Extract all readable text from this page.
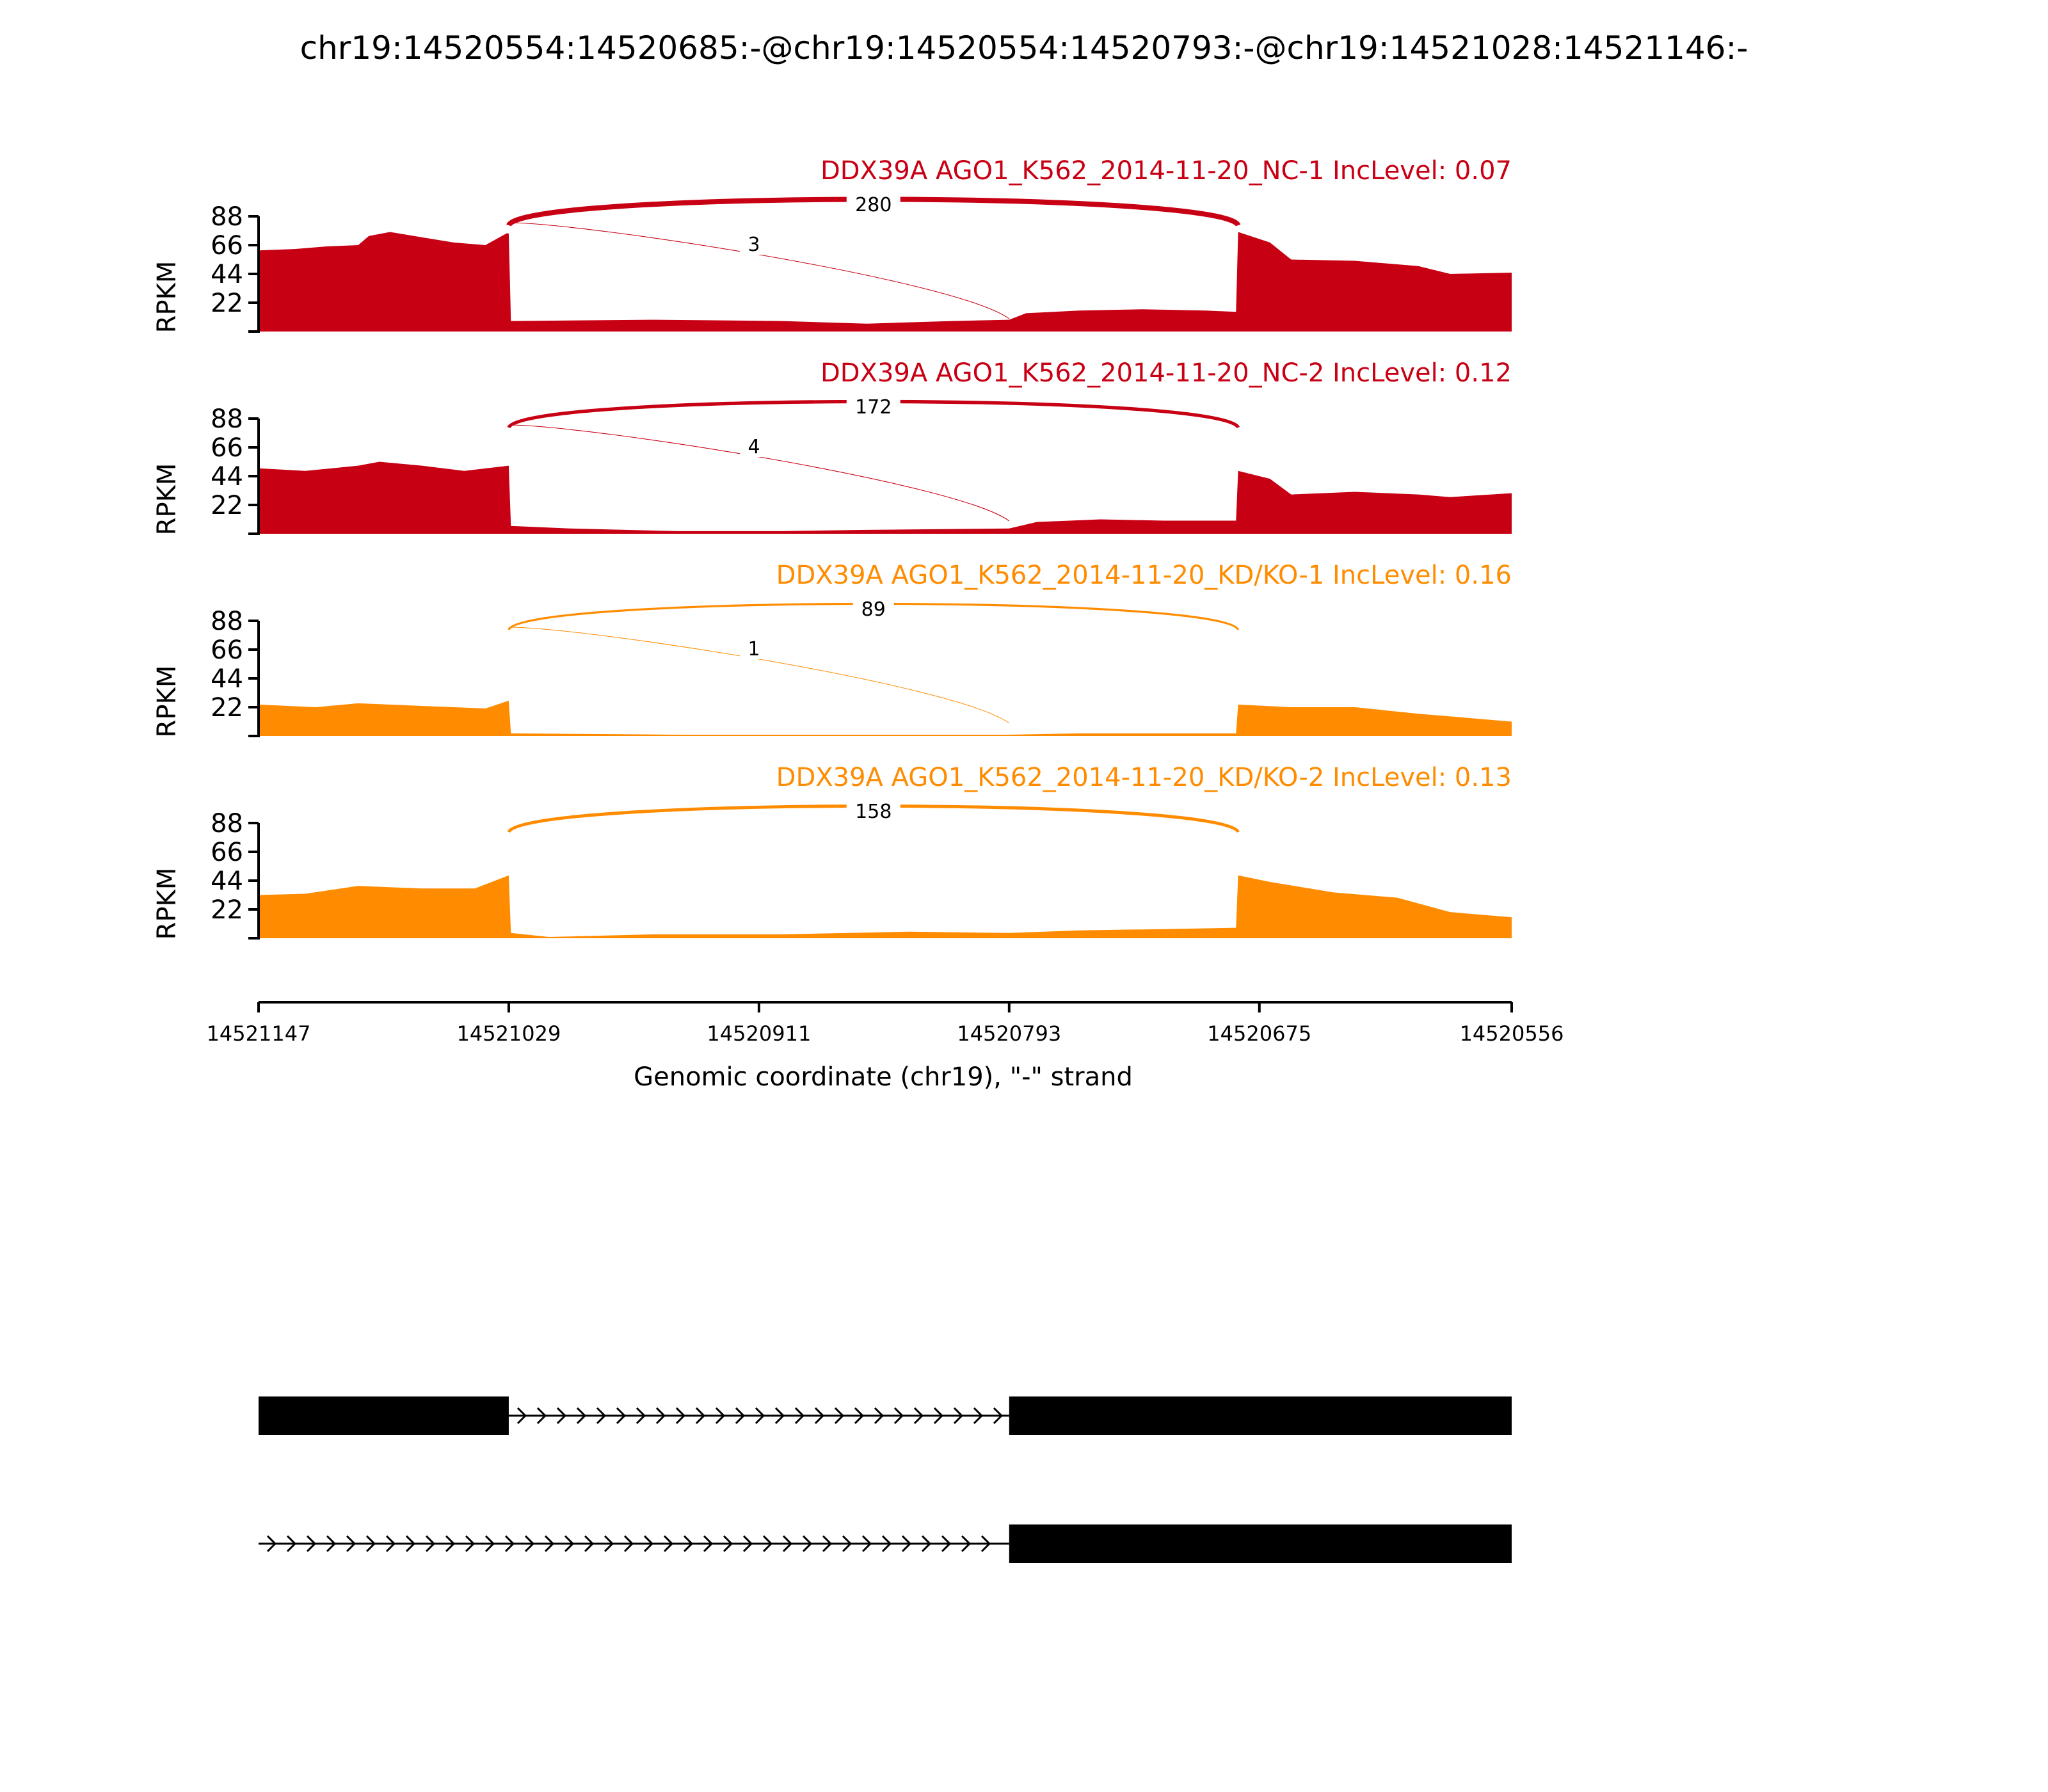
chr19:14520554:14520685:-@chr19:14520554:14520793:-@chr19:14521028:14521146:-
22
44
66
88
RPKM
DDX39A AGO1_K562_2014-11-20_NC-1 IncLevel: 0.07
280
3
22
44
66
88
RPKM
DDX39A AGO1_K562_2014-11-20_NC-2 IncLevel: 0.12
172
4
22
44
66
88
RPKM
DDX39A AGO1_K562_2014-11-20_KD/KO-1 IncLevel: 0.16
89
1
22
44
66
88
RPKM
DDX39A AGO1_K562_2014-11-20_KD/KO-2 IncLevel: 0.13
158
14521147	14521029	14520911	14520793	14520675	14520556
Genomic coordinate (chr19), "-" strand
